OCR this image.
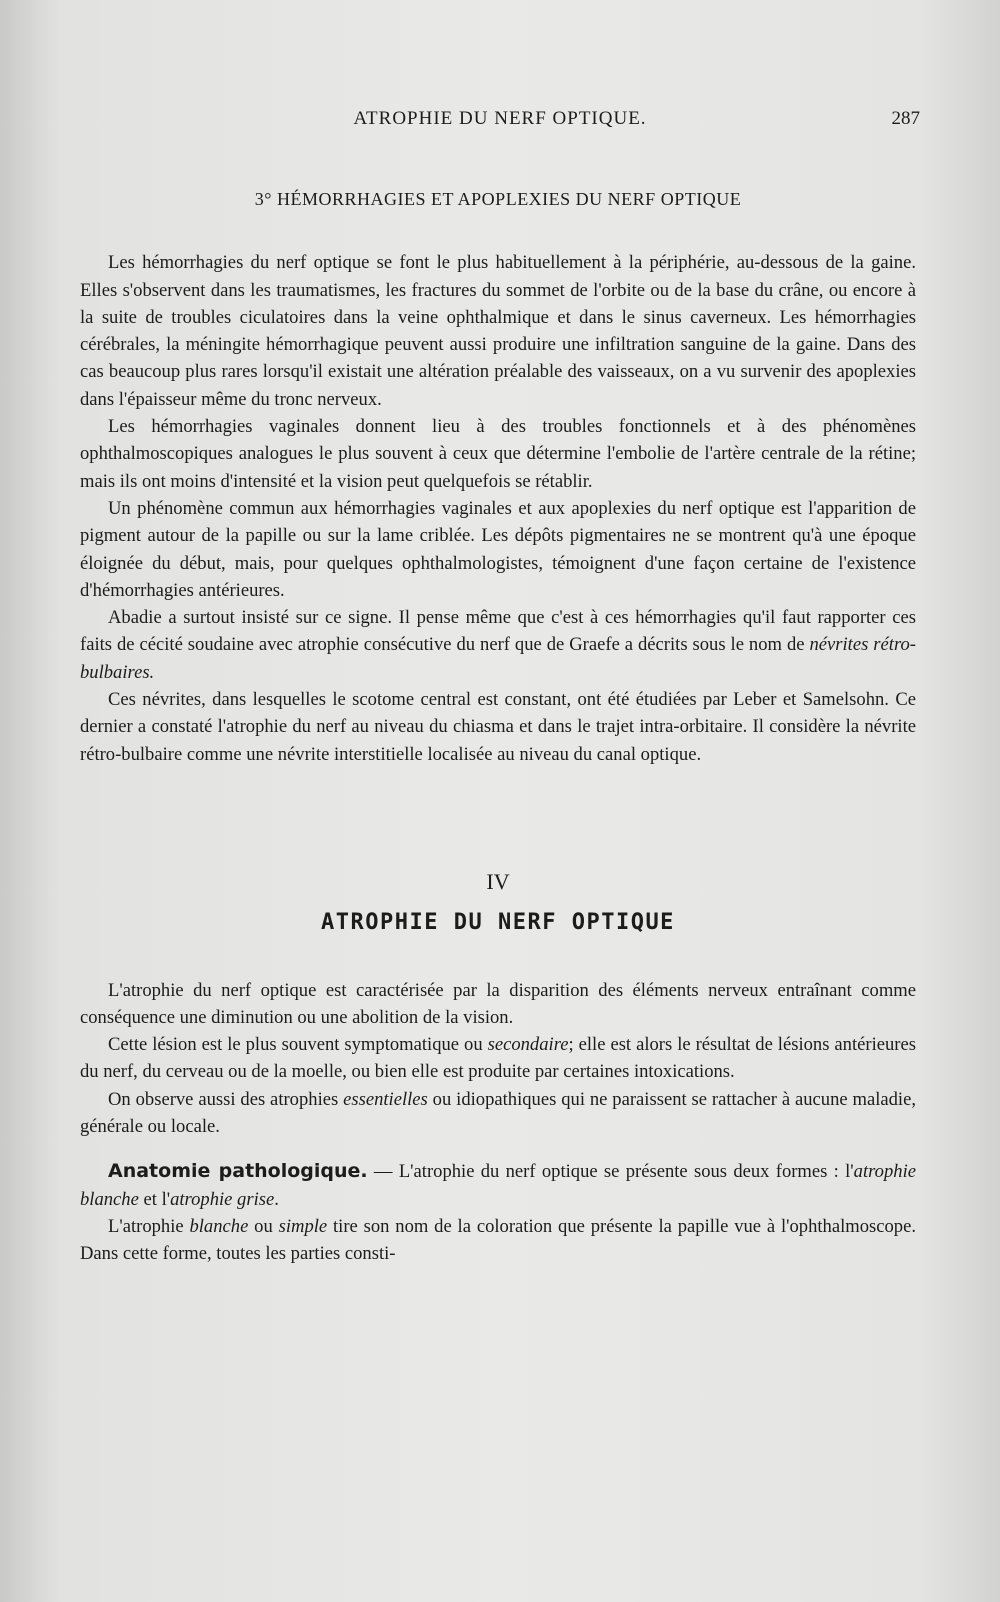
ATROPHIE DU NERF OPTIQUE.	287
3° HÉMORRHAGIES ET APOPLEXIES DU NERF OPTIQUE

Les hémorrhagies du nerf optique se font le plus habituellement à la périphérie, au-dessous de la gaine. Elles s'observent dans les traumatismes, les fractures du sommet de l'orbite ou de la base du crâne, ou encore à la suite de troubles ciculatoires dans la veine ophthalmique et dans le sinus caverneux. Les hémorrhagies cérébrales, la méningite hémorrhagique peuvent aussi produire une infiltration sanguine de la gaine. Dans des cas beaucoup plus rares lorsqu'il existait une altération préalable des vaisseaux, on a vu survenir des apoplexies dans l'épaisseur même du tronc nerveux.

Les hémorrhagies vaginales donnent lieu à des troubles fonctionnels et à des phénomènes ophthalmoscopiques analogues le plus souvent à ceux que détermine l'embolie de l'artère centrale de la rétine; mais ils ont moins d'intensité et la vision peut quelquefois se rétablir.

Un phénomène commun aux hémorrhagies vaginales et aux apoplexies du nerf optique est l'apparition de pigment autour de la papille ou sur la lame criblée. Les dépôts pigmentaires ne se montrent qu'à une époque éloignée du début, mais, pour quelques ophthalmologistes, témoignent d'une façon certaine de l'existence d'hémorrhagies antérieures.

Abadie a surtout insisté sur ce signe. Il pense même que c'est à ces hémorrhagies qu'il faut rapporter ces faits de cécité soudaine avec atrophie consécutive du nerf que de Graefe a décrits sous le nom de névrites rétro-bulbaires.

Ces névrites, dans lesquelles le scotome central est constant, ont été étudiées par Leber et Samelsohn. Ce dernier a constaté l'atrophie du nerf au niveau du chiasma et dans le trajet intra-orbitaire. Il considère la névrite rétro-bulbaire comme une névrite interstitielle localisée au niveau du canal optique.

IV
ATROPHIE DU NERF OPTIQUE

L'atrophie du nerf optique est caractérisée par la disparition des éléments nerveux entraînant comme conséquence une diminution ou une abolition de la vision.

Cette lésion est le plus souvent symptomatique ou secondaire; elle est alors le résultat de lésions antérieures du nerf, du cerveau ou de la moelle, ou bien elle est produite par certaines intoxications.

On observe aussi des atrophies essentielles ou idiopathiques qui ne paraissent se rattacher à aucune maladie, générale ou locale.

Anatomie pathologique. — L'atrophie du nerf optique se présente sous deux formes : l'atrophie blanche et l'atrophie grise.

L'atrophie blanche ou simple tire son nom de la coloration que présente la papille vue à l'ophthalmoscope. Dans cette forme, toutes les parties consti-
